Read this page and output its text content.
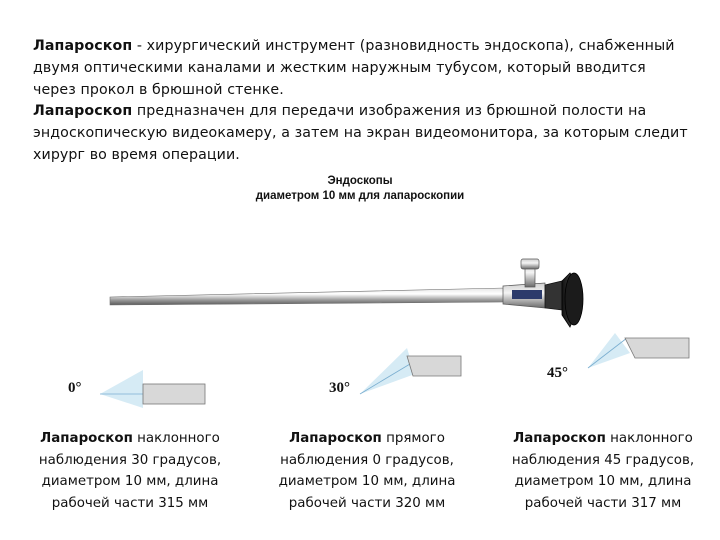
Лапароскоп - хирургический инструмент (разновидность эндоскопа), снабженный двумя оптическими каналами и жестким наружным тубусом, который вводится через прокол в брюшной стенке.

Лапароскоп предназначен для передачи изображения из брюшной полости на эндоскопическую видеокамеру, а затем на экран видеомонитора, за которым следит хирург во время операции.

Эндоскопы
диаметром 10 мм для лапароскопии
0°	30°
45°
Лапароскоп наклонного наблюдения 30 градусов, диаметром 10 мм, длина рабочей части 315 мм
Лапароскоп прямого наблюдения 0 градусов, диаметром 10 мм, длина рабочей части 320 мм
Лапароскоп наклонного наблюдения 45 градусов, диаметром 10 мм, длина рабочей части 317 мм
